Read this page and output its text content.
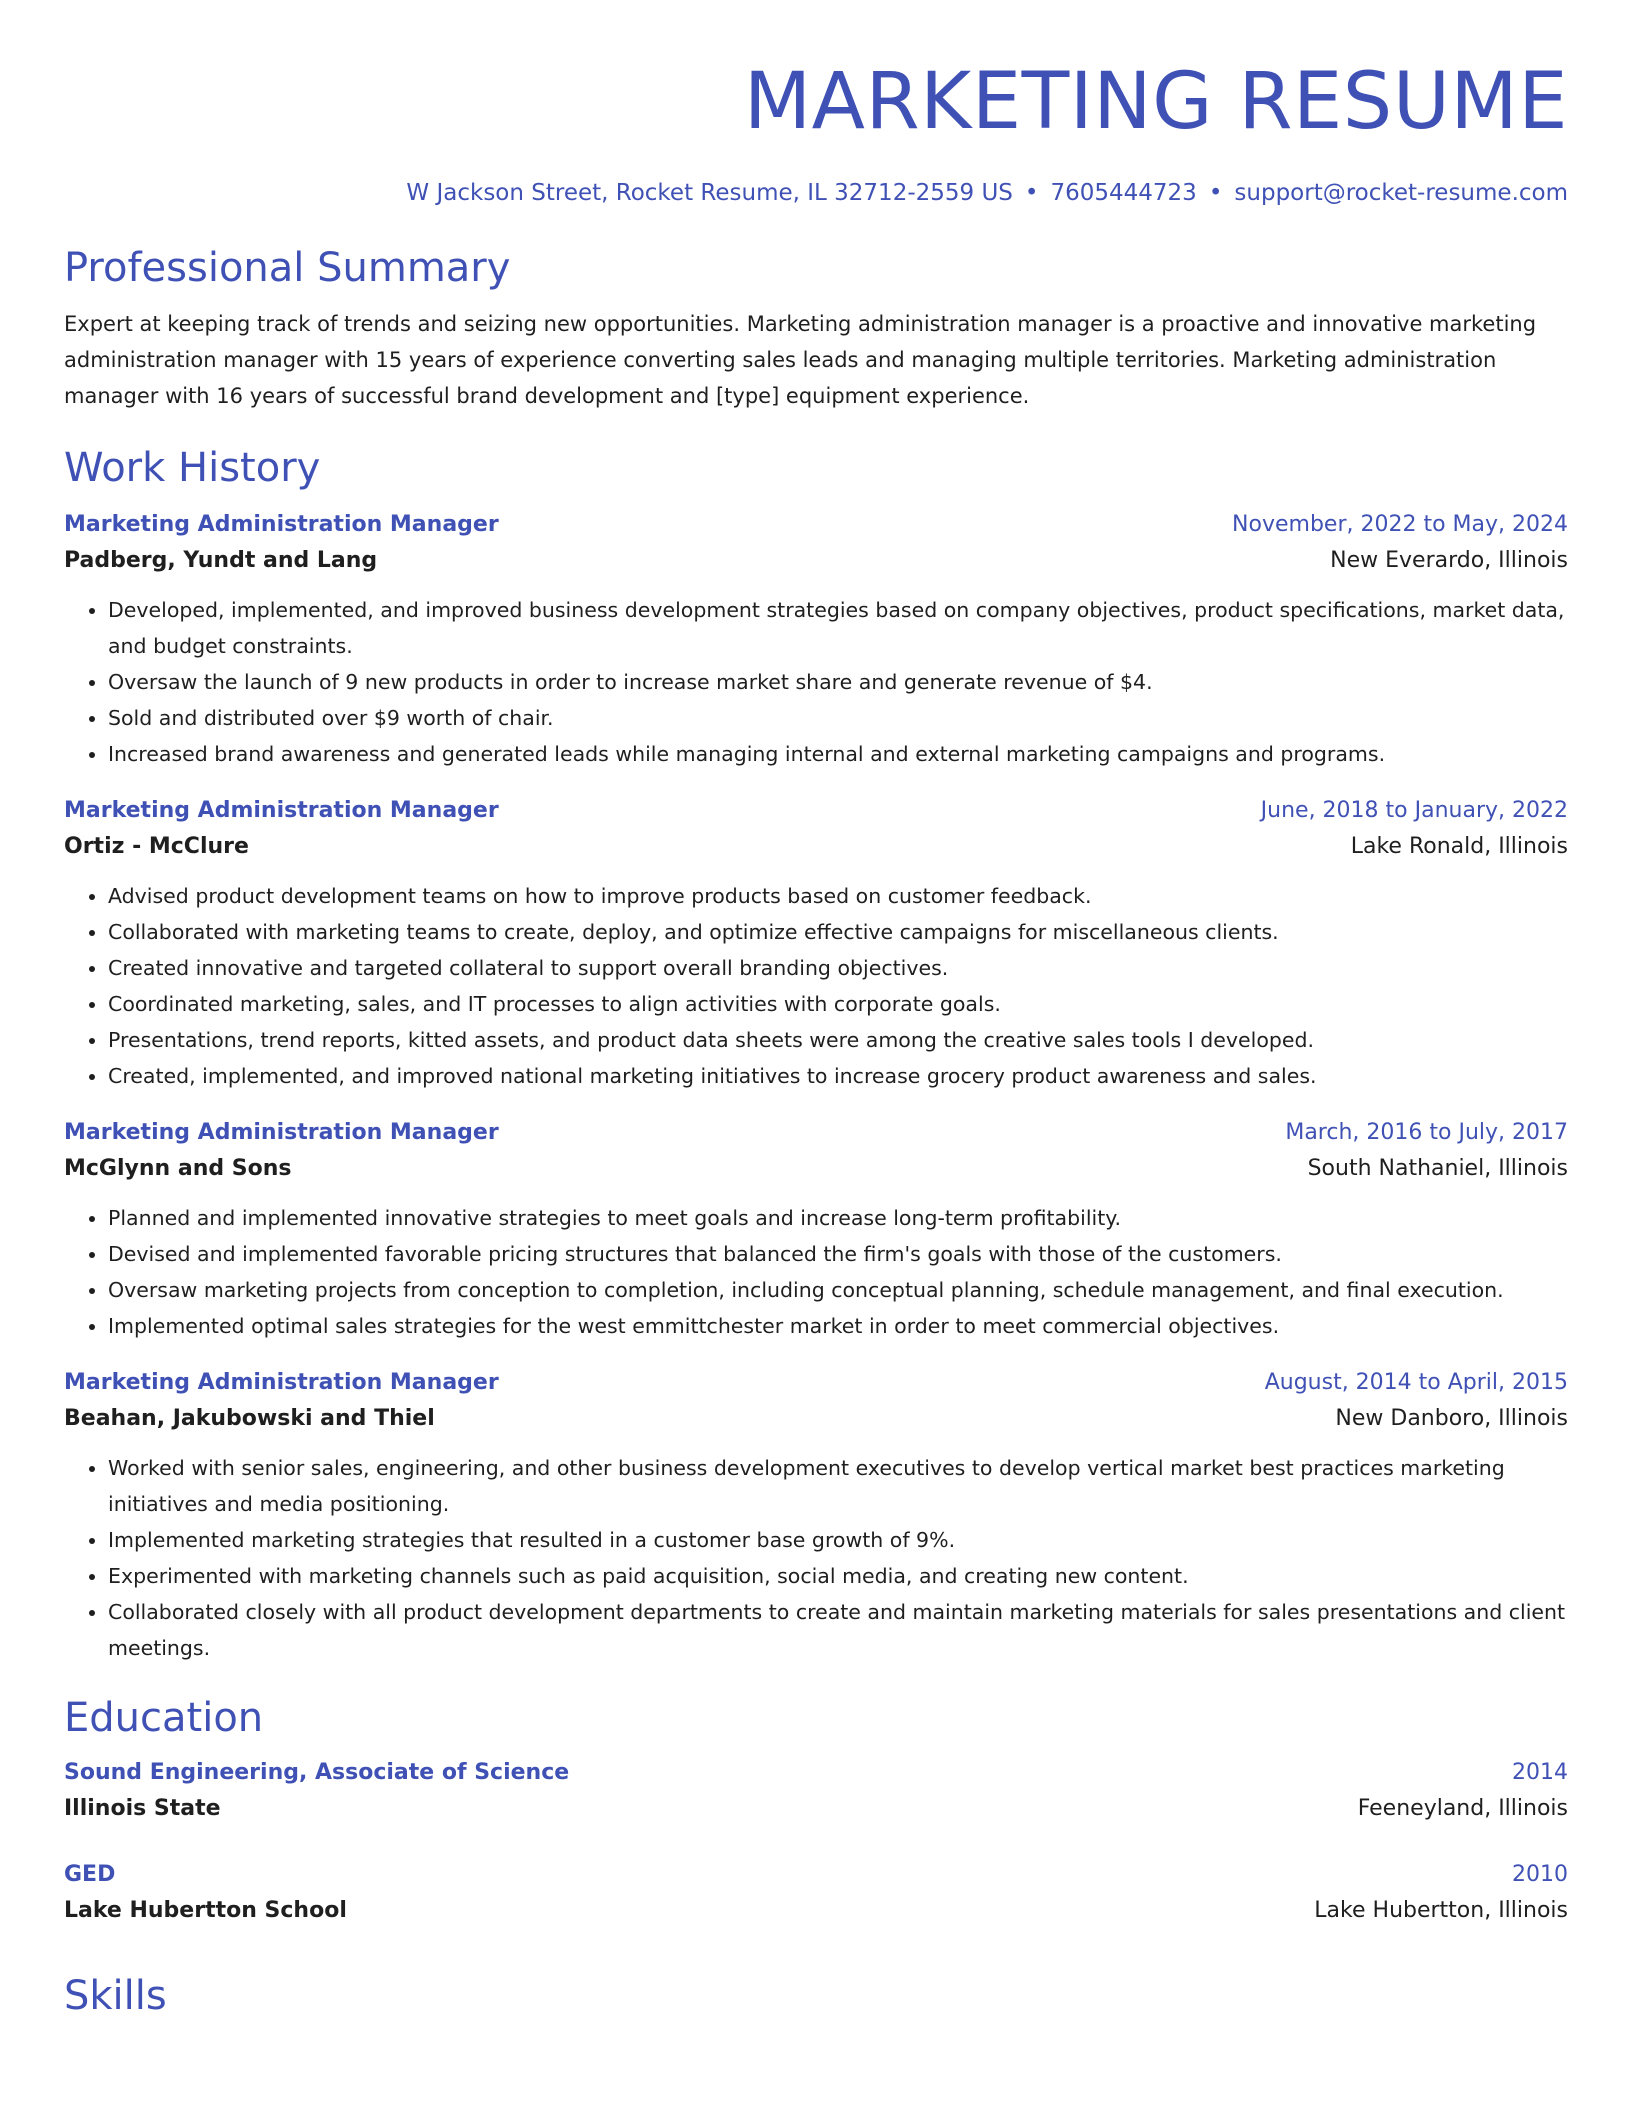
MARKETING RESUME
W Jackson Street, Rocket Resume, IL 32712-2559 US • 7605444723 • support@rocket-resume.com
Professional Summary
Expert at keeping track of trends and seizing new opportunities. Marketing administration manager is a proactive and innovative marketing administration manager with 15 years of experience converting sales leads and managing multiple territories. Marketing administration manager with 16 years of successful brand development and [type] equipment experience.
Work History
Marketing Administration Manager	November, 2022 to May, 2024
Padberg, Yundt and Lang	New Everardo, Illinois
• Developed, implemented, and improved business development strategies based on company objectives, product specifications, market data, and budget constraints.
• Oversaw the launch of 9 new products in order to increase market share and generate revenue of $4.
• Sold and distributed over $9 worth of chair.
• Increased brand awareness and generated leads while managing internal and external marketing campaigns and programs.
Marketing Administration Manager	June, 2018 to January, 2022
Ortiz - McClure	Lake Ronald, Illinois
• Advised product development teams on how to improve products based on customer feedback.
• Collaborated with marketing teams to create, deploy, and optimize effective campaigns for miscellaneous clients.
• Created innovative and targeted collateral to support overall branding objectives.
• Coordinated marketing, sales, and IT processes to align activities with corporate goals.
• Presentations, trend reports, kitted assets, and product data sheets were among the creative sales tools I developed.
• Created, implemented, and improved national marketing initiatives to increase grocery product awareness and sales.
Marketing Administration Manager	March, 2016 to July, 2017
McGlynn and Sons	South Nathaniel, Illinois
• Planned and implemented innovative strategies to meet goals and increase long-term profitability.
• Devised and implemented favorable pricing structures that balanced the firm's goals with those of the customers.
• Oversaw marketing projects from conception to completion, including conceptual planning, schedule management, and final execution.
• Implemented optimal sales strategies for the west emmittchester market in order to meet commercial objectives.
Marketing Administration Manager	August, 2014 to April, 2015
Beahan, Jakubowski and Thiel	New Danboro, Illinois
• Worked with senior sales, engineering, and other business development executives to develop vertical market best practices marketing initiatives and media positioning.
• Implemented marketing strategies that resulted in a customer base growth of 9%.
• Experimented with marketing channels such as paid acquisition, social media, and creating new content.
• Collaborated closely with all product development departments to create and maintain marketing materials for sales presentations and client meetings.
Education
Sound Engineering, Associate of Science	2014
Illinois State	Feeneyland, Illinois
GED	2010
Lake Hubertton School	Lake Hubertton, Illinois
Skills
